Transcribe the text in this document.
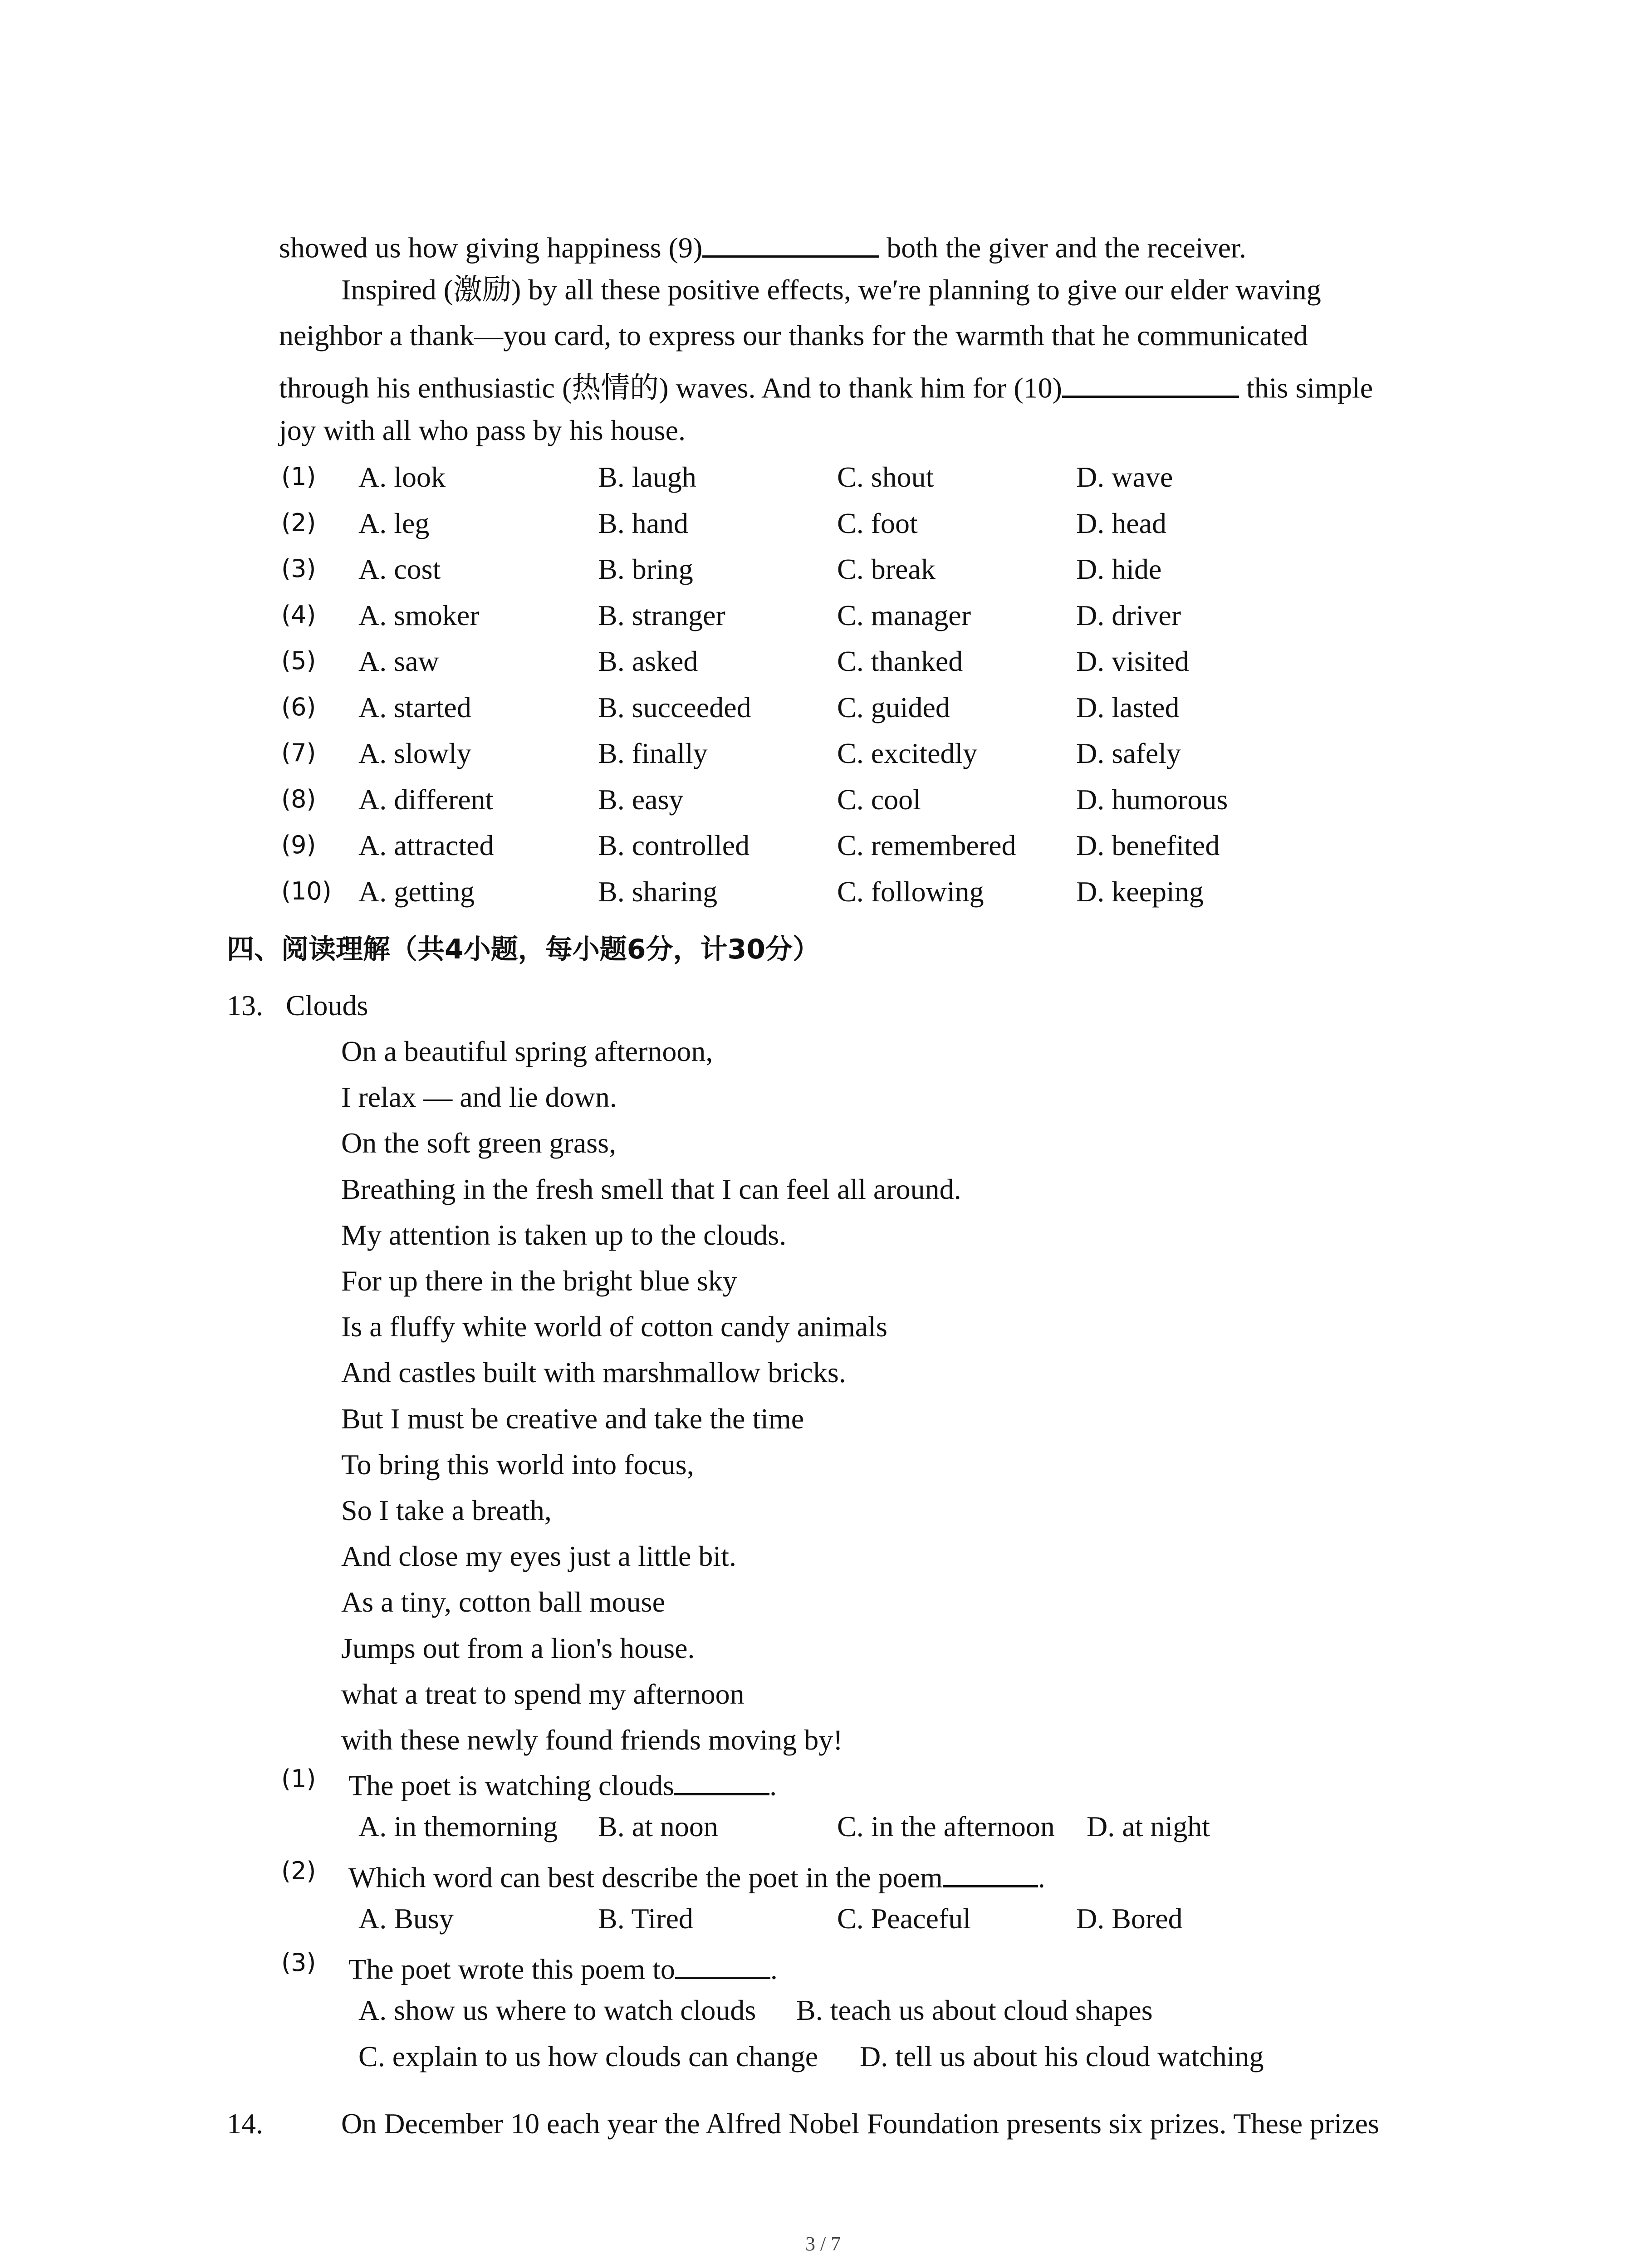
showed us how giving happiness (9)	both the giver and the receiver.
Inspired (激励) by all these positive effects, we′re planning to give our elder waving
neighbor a thank—you card, to express our thanks for the warmth that he communicated
through his enthusiastic (热情的) waves. And to thank him for (10)	this simple
joy with all who pass by his house.
(1) A. look	B. laugh	C. shout	D. wave
(2) A. leg	B. hand	C. foot	D. head
(3) A. cost	B. bring	C. break	D. hide
(4) A. smoker	B. stranger	C. manager	D. driver
(5) A. saw	B. asked	C. thanked	D. visited
(6) A. started	B. succeeded	C. guided	D. lasted
(7) A. slowly	B. finally	C. excitedly	D. safely
(8) A. different	B. easy	C. cool	D. humorous
(9) A. attracted	B. controlled	C. remembered D. benefited
(10) A. getting	B. sharing	C. following	D. keeping
四、阅读理解（共4小题，每小题6分，计30分）
13. Clouds
On a beautiful spring afternoon,
I relax — and lie down.
On the soft green grass,
Breathing in the fresh smell that I can feel all around.
My attention is taken up to the clouds.
For up there in the bright blue sky
Is a fluffy white world of cotton candy animals
And castles built with marshmallow bricks.
But I must be creative and take the time
To bring this world into focus,
So I take a breath,
And close my eyes just a little bit.
As a tiny, cotton ball mouse
Jumps out from a lion's house.
what a treat to spend my afternoon
with these newly found friends moving by!
(1) The poet is watching clouds	.
A. in themorning B. at noon	C. in the afternoon D. at night
(2) Which word can best describe the poet in the poem	.
A. Busy	B. Tired	C. Peaceful	D. Bored
(3) The poet wrote this poem to	.
A. show us where to watch clouds B. teach us about cloud shapes
C. explain to us how clouds can change D. tell us about his cloud watching
14.	On December 10 each year the Alfred Nobel Foundation presents six prizes. These prizes
3 / 7
